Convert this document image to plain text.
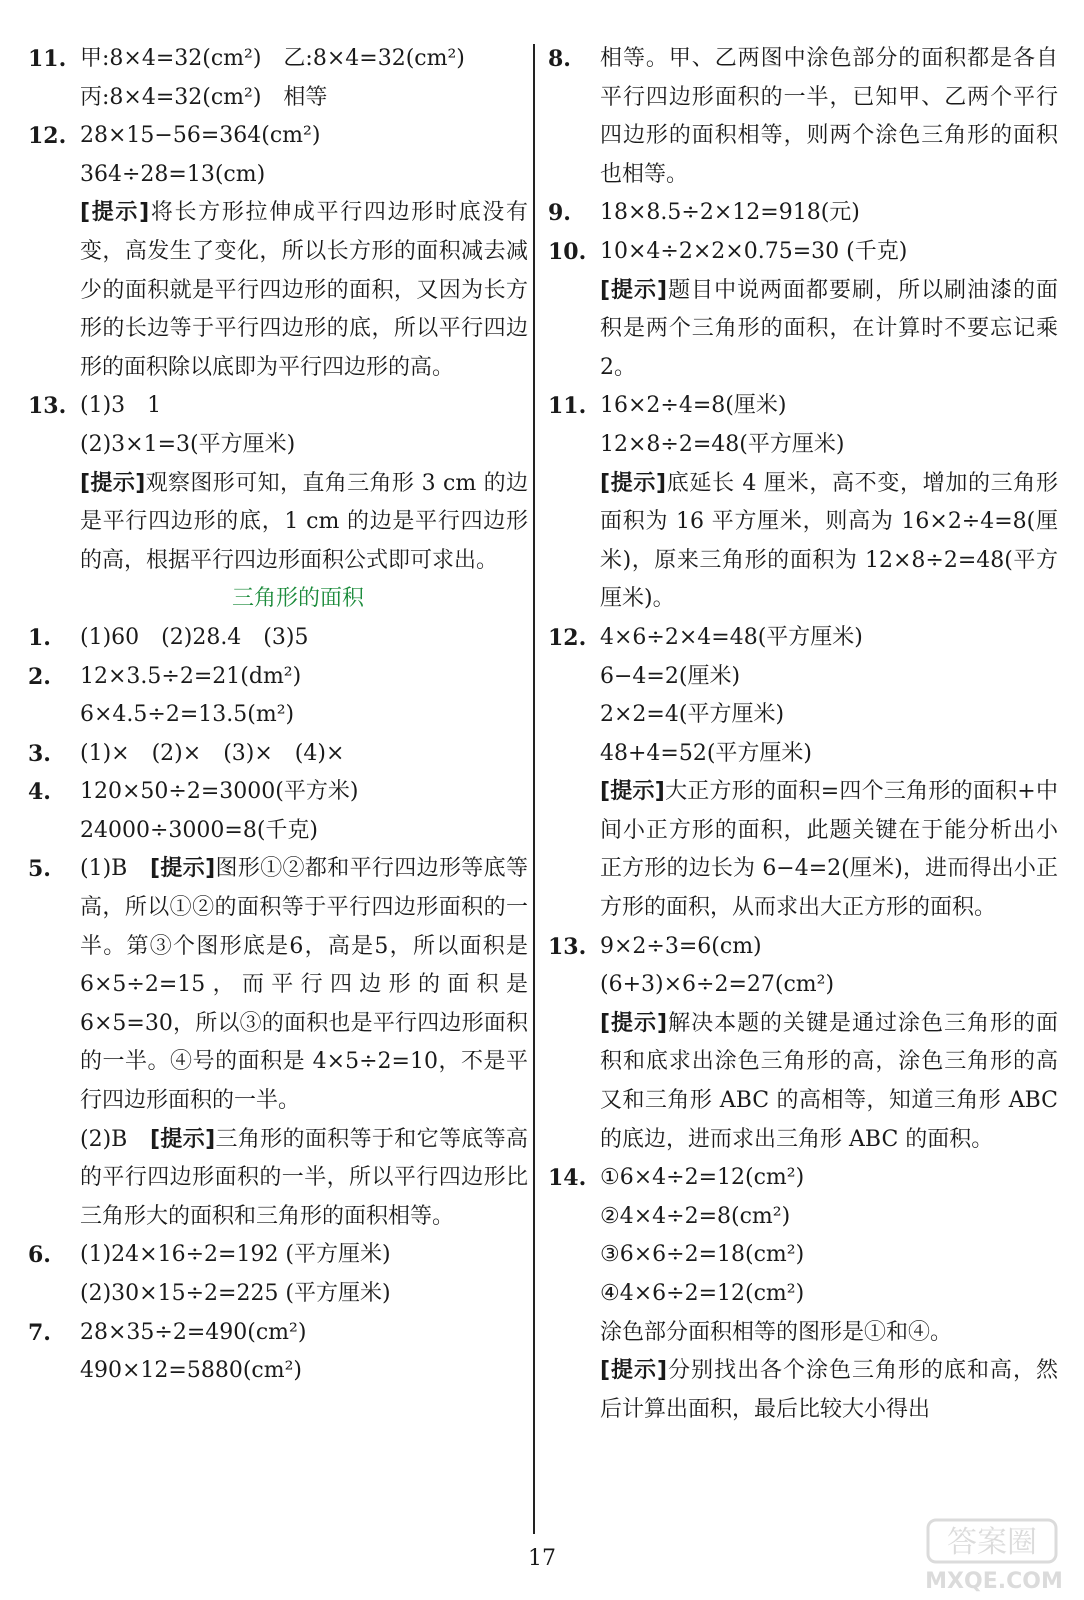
11. 甲:8×4=32(cm²)　乙:8×4=32(cm²)
丙:8×4=32(cm²)　相等
12. 28×15−56=364(cm²)
364÷28=13(cm)
[提示]将长方形拉伸成平行四边形时底没有变，高发生了变化，所以长方形的面积减去减少的面积就是平行四边形的面积，又因为长方形的长边等于平行四边形的底，所以平行四边形的面积除以底即为平行四边形的高。
13. (1)3　1
(2)3×1=3(平方厘米)
[提示]观察图形可知，直角三角形 3 cm 的边是平行四边形的底，1 cm 的边是平行四边形的高，根据平行四边形面积公式即可求出。
三角形的面积
1. (1)60　(2)28.4　(3)5
2. 12×3.5÷2=21(dm²)
6×4.5÷2=13.5(m²)
3. (1)×　(2)×　(3)×　(4)×
4. 120×50÷2=3000(平方米)
24000÷3000=8(千克)
5. (1)B　[提示]图形①②都和平行四边形等底等高，所以①②的面积等于平行四边形面积的一半。第③个图形底是6，高是5，所以面积是 6×5÷2=15，而平行四边形的面积是 6×5=30，所以③的面积也是平行四边形面积的一半。④号的面积是 4×5÷2=10，不是平行四边形面积的一半。
(2)B　[提示]三角形的面积等于和它等底等高的平行四边形面积的一半，所以平行四边形比三角形大的面积和三角形的面积相等。
6. (1)24×16÷2=192 (平方厘米)
(2)30×15÷2=225 (平方厘米)
7. 28×35÷2=490(cm²)
490×12=5880(cm²)
8. 相等。甲、乙两图中涂色部分的面积都是各自平行四边形面积的一半，已知甲、乙两个平行四边形的面积相等，则两个涂色三角形的面积也相等。
9. 18×8.5÷2×12=918(元)
10. 10×4÷2×2×0.75=30 (千克)
[提示]题目中说两面都要刷，所以刷油漆的面积是两个三角形的面积，在计算时不要忘记乘 2。
11. 16×2÷4=8(厘米)
12×8÷2=48(平方厘米)
[提示]底延长 4 厘米，高不变，增加的三角形面积为 16 平方厘米，则高为 16×2÷4=8(厘米)，原来三角形的面积为 12×8÷2=48(平方厘米)。
12. 4×6÷2×4=48(平方厘米)
6−4=2(厘米)
2×2=4(平方厘米)
48+4=52(平方厘米)
[提示]大正方形的面积=四个三角形的面积+中间小正方形的面积，此题关键在于能分析出小正方形的边长为 6−4=2(厘米)，进而得出小正方形的面积，从而求出大正方形的面积。
13. 9×2÷3=6(cm)
(6+3)×6÷2=27(cm²)
[提示]解决本题的关键是通过涂色三角形的面积和底求出涂色三角形的高，涂色三角形的高又和三角形 ABC 的高相等，知道三角形 ABC 的底边，进而求出三角形 ABC 的面积。
14. ①6×4÷2=12(cm²)
②4×4÷2=8(cm²)
③6×6÷2=18(cm²)
④4×6÷2=12(cm²)
涂色部分面积相等的图形是①和④。
[提示]分别找出各个涂色三角形的底和高，然后计算出面积，最后比较大小得出
17	答案圈
MXQE.COM
